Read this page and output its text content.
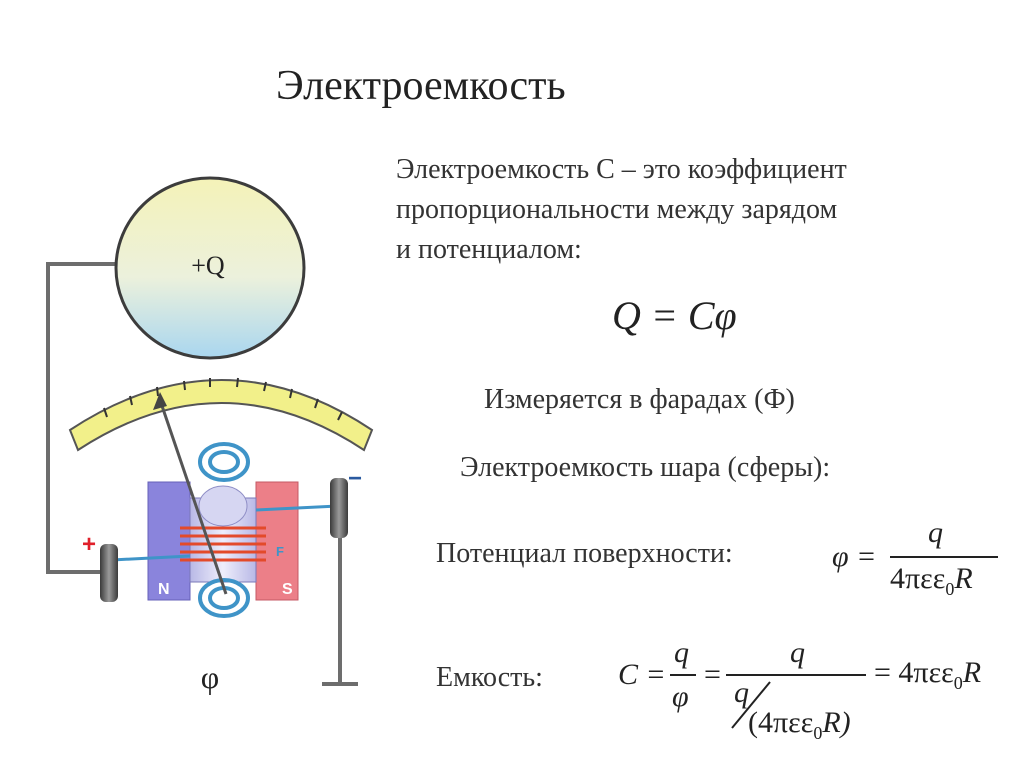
Электроемкость
Электроемкость С – это коэффициент
пропорциональности между зарядом
и потенциалом:
Q = Cφ
Измеряется в фарадах (Ф)
Электроемкость шара (сферы):
Потенциал поверхности:
Емкость:
φ =
q
4πεε$_0$R
C =
q
φ
=
q
q
(4πεε$_0$R)
= 4πεε$_0$R
+Q
N	S
F
+
−
φ
